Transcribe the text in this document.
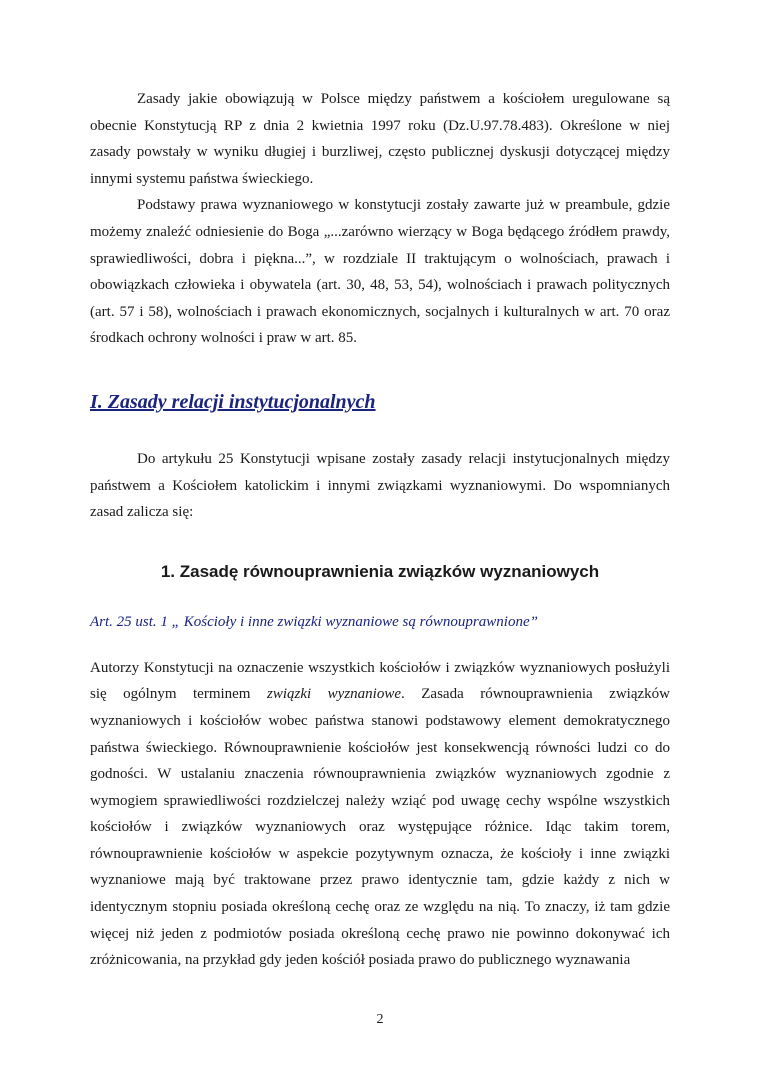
Zasady jakie obowiązują w Polsce między państwem a kościołem uregulowane są obecnie Konstytucją RP z dnia 2 kwietnia 1997 roku (Dz.U.97.78.483). Określone w niej zasady powstały w wyniku długiej i burzliwej, często publicznej dyskusji dotyczącej między innymi systemu państwa świeckiego.

Podstawy prawa wyznaniowego w konstytucji zostały zawarte już w preambule, gdzie możemy znaleźć odniesienie do Boga „...zarówno wierzący w Boga będącego źródłem prawdy, sprawiedliwości, dobra i piękna...”, w rozdziale II traktującym o wolnościach, prawach i obowiązkach człowieka i obywatela (art. 30, 48, 53, 54), wolnościach i prawach politycznych (art. 57 i 58), wolnościach i prawach ekonomicznych, socjalnych i kulturalnych w art. 70 oraz środkach ochrony wolności i praw w art. 85.

I. Zasady relacji instytucjonalnych

Do artykułu 25 Konstytucji wpisane zostały zasady relacji instytucjonalnych między państwem a Kościołem katolickim i innymi związkami wyznaniowymi. Do wspomnianych zasad zalicza się:

1. Zasadę równouprawnienia związków wyznaniowych

Art. 25 ust. 1 „ Kościoły i inne związki wyznaniowe są równouprawnione”

Autorzy Konstytucji na oznaczenie wszystkich kościołów i związków wyznaniowych posłużyli się ogólnym terminem związki wyznaniowe. Zasada równouprawnienia związków wyznaniowych i kościołów wobec państwa stanowi podstawowy element demokratycznego państwa świeckiego. Równouprawnienie kościołów jest konsekwencją równości ludzi co do godności. W ustalaniu znaczenia równouprawnienia związków wyznaniowych zgodnie z wymogiem sprawiedliwości rozdzielczej należy wziąć pod uwagę cechy wspólne wszystkich kościołów i związków wyznaniowych oraz występujące różnice. Idąc takim torem, równouprawnienie kościołów w aspekcie pozytywnym oznacza, że kościoły i inne związki wyznaniowe mają być traktowane przez prawo identycznie tam, gdzie każdy z nich w identycznym stopniu posiada określoną cechę oraz ze względu na nią. To znaczy, iż tam gdzie więcej niż jeden z podmiotów posiada określoną cechę prawo nie powinno dokonywać ich zróżnicowania, na przykład gdy jeden kościół posiada prawo do publicznego wyznawania

2
